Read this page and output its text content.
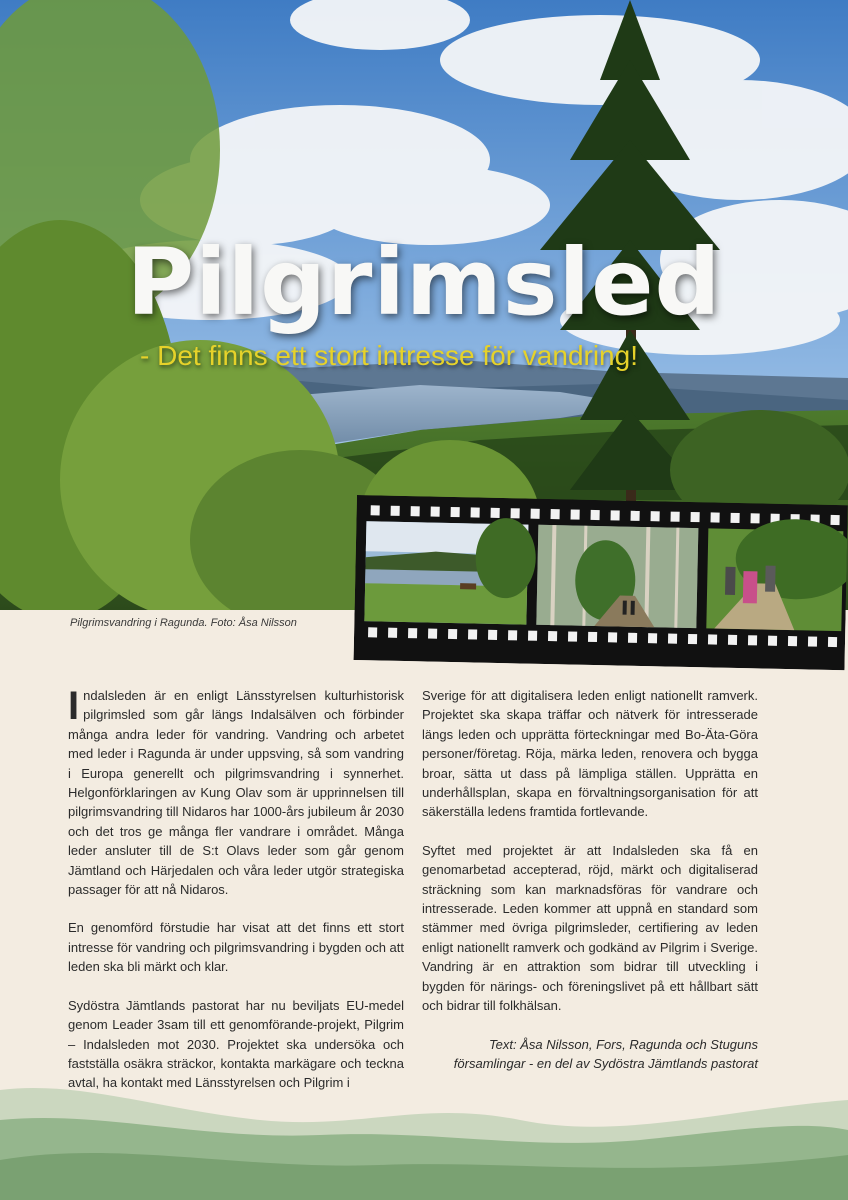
Pilgrimsled
- Det finns ett stort intresse för vandring!
Pilgrimsvandring i Ragunda. Foto: Åsa Nilsson

Indalsleden är en enligt Länsstyrelsen kulturhistorisk pilgrimsled som går längs Indalsälven och förbinder många andra leder för vandring. Vandring och arbetet med leder i Ragunda är under uppsving, så som vandring i Europa generellt och pilgrimsvandring i synnerhet. Helgonförklaringen av Kung Olav som är upprinnelsen till pilgrimsvandring till Nidaros har 1000-års jubileum år 2030 och det tros ge många fler vandrare i området. Många leder ansluter till de S:t Olavs leder som går genom Jämtland och Härjedalen och våra leder utgör strategiska passager för att nå Nidaros.

En genomförd förstudie har visat att det finns ett stort intresse för vandring och pilgrimsvandring i bygden och att leden ska bli märkt och klar.

Sydöstra Jämtlands pastorat har nu beviljats EU-medel genom Leader 3sam till ett genomförande-projekt, Pilgrim – Indalsleden mot 2030. Projektet ska undersöka och fastställa osäkra sträckor, kontakta markägare och teckna avtal, ha kontakt med Länsstyrelsen och Pilgrim i

Sverige för att digitalisera leden enligt nationellt ramverk. Projektet ska skapa träffar och nätverk för intresserade längs leden och upprätta förteckningar med Bo-Äta-Göra personer/företag. Röja, märka leden, renovera och bygga broar, sätta ut dass på lämpliga ställen. Upprätta en underhållsplan, skapa en förvaltningsorganisation för att säkerställa ledens framtida fortlevande.

Syftet med projektet är att Indalsleden ska få en genomarbetad accepterad, röjd, märkt och digitaliserad sträckning som kan marknadsföras för vandrare och intresserade. Leden kommer att uppnå en standard som stämmer med övriga pilgrimsleder, certifiering av leden enligt nationellt ramverk och godkänd av Pilgrim i Sverige. Vandring är en attraktion som bidrar till utveckling i bygden för närings- och föreningslivet på ett hållbart sätt och bidrar till folkhälsan.

Text: Åsa Nilsson, Fors, Ragunda och Stuguns församlingar - en del av Sydöstra Jämtlands pastorat
